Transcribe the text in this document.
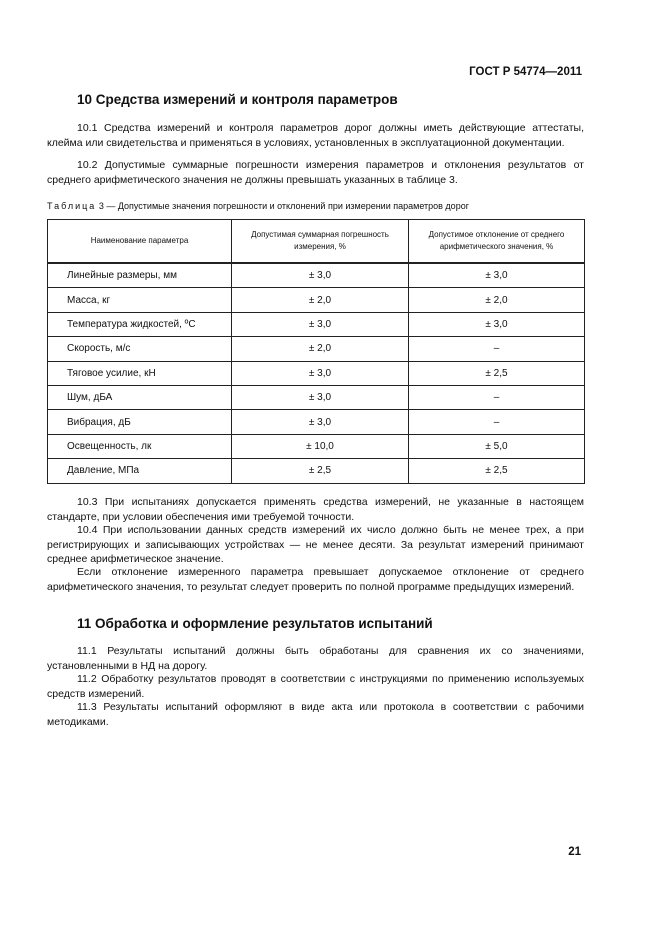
ГОСТ Р 54774—2011
10 Средства измерений и контроля параметров

10.1 Средства измерений и контроля параметров дорог должны иметь действующие аттестаты, клейма или свидетельства и применяться в условиях, установленных в эксплуатационной документации.

10.2 Допустимые суммарные погрешности измерения параметров и отклонения результатов от среднего арифметического значения не должны превышать указанных в таблице 3.

Таблица 3 — Допустимые значения погрешности и отклонений при измерении параметров дорог

Наименование параметра	Допустимая суммарная погрешность измерения, %	Допустимое отклонение от среднего арифметического значения, %
Линейные размеры, мм	± 3,0	± 3,0
Масса, кг	± 2,0	± 2,0
Температура жидкостей, ºС	± 3,0	± 3,0
Скорость, м/с	± 2,0	–
Тяговое усилие, кН	± 3,0	± 2,5
Шум, дБА	± 3,0	–
Вибрация, дБ	± 3,0	–
Освещенность, лк	± 10,0	± 5,0
Давление, МПа	± 2,5	± 2,5

10.3 При испытаниях допускается применять средства измерений, не указанные в настоящем стандарте, при условии обеспечения ими требуемой точности.

10.4 При использовании данных средств измерений их число должно быть не менее трех, а при регистрирующих и записывающих устройствах — не менее десяти. За результат измерений принимают среднее арифметическое значение.

Если отклонение измеренного параметра превышает допускаемое отклонение от среднего арифметического значения, то результат следует проверить по полной программе предыдущих измерений.

11 Обработка и оформление результатов испытаний

11.1 Результаты испытаний должны быть обработаны для сравнения их со значениями, установленными в НД на дорогу.

11.2 Обработку результатов проводят в соответствии с инструкциями по применению используемых средств измерений.

11.3 Результаты испытаний оформляют в виде акта или протокола в соответствии с рабочими методиками.

21
